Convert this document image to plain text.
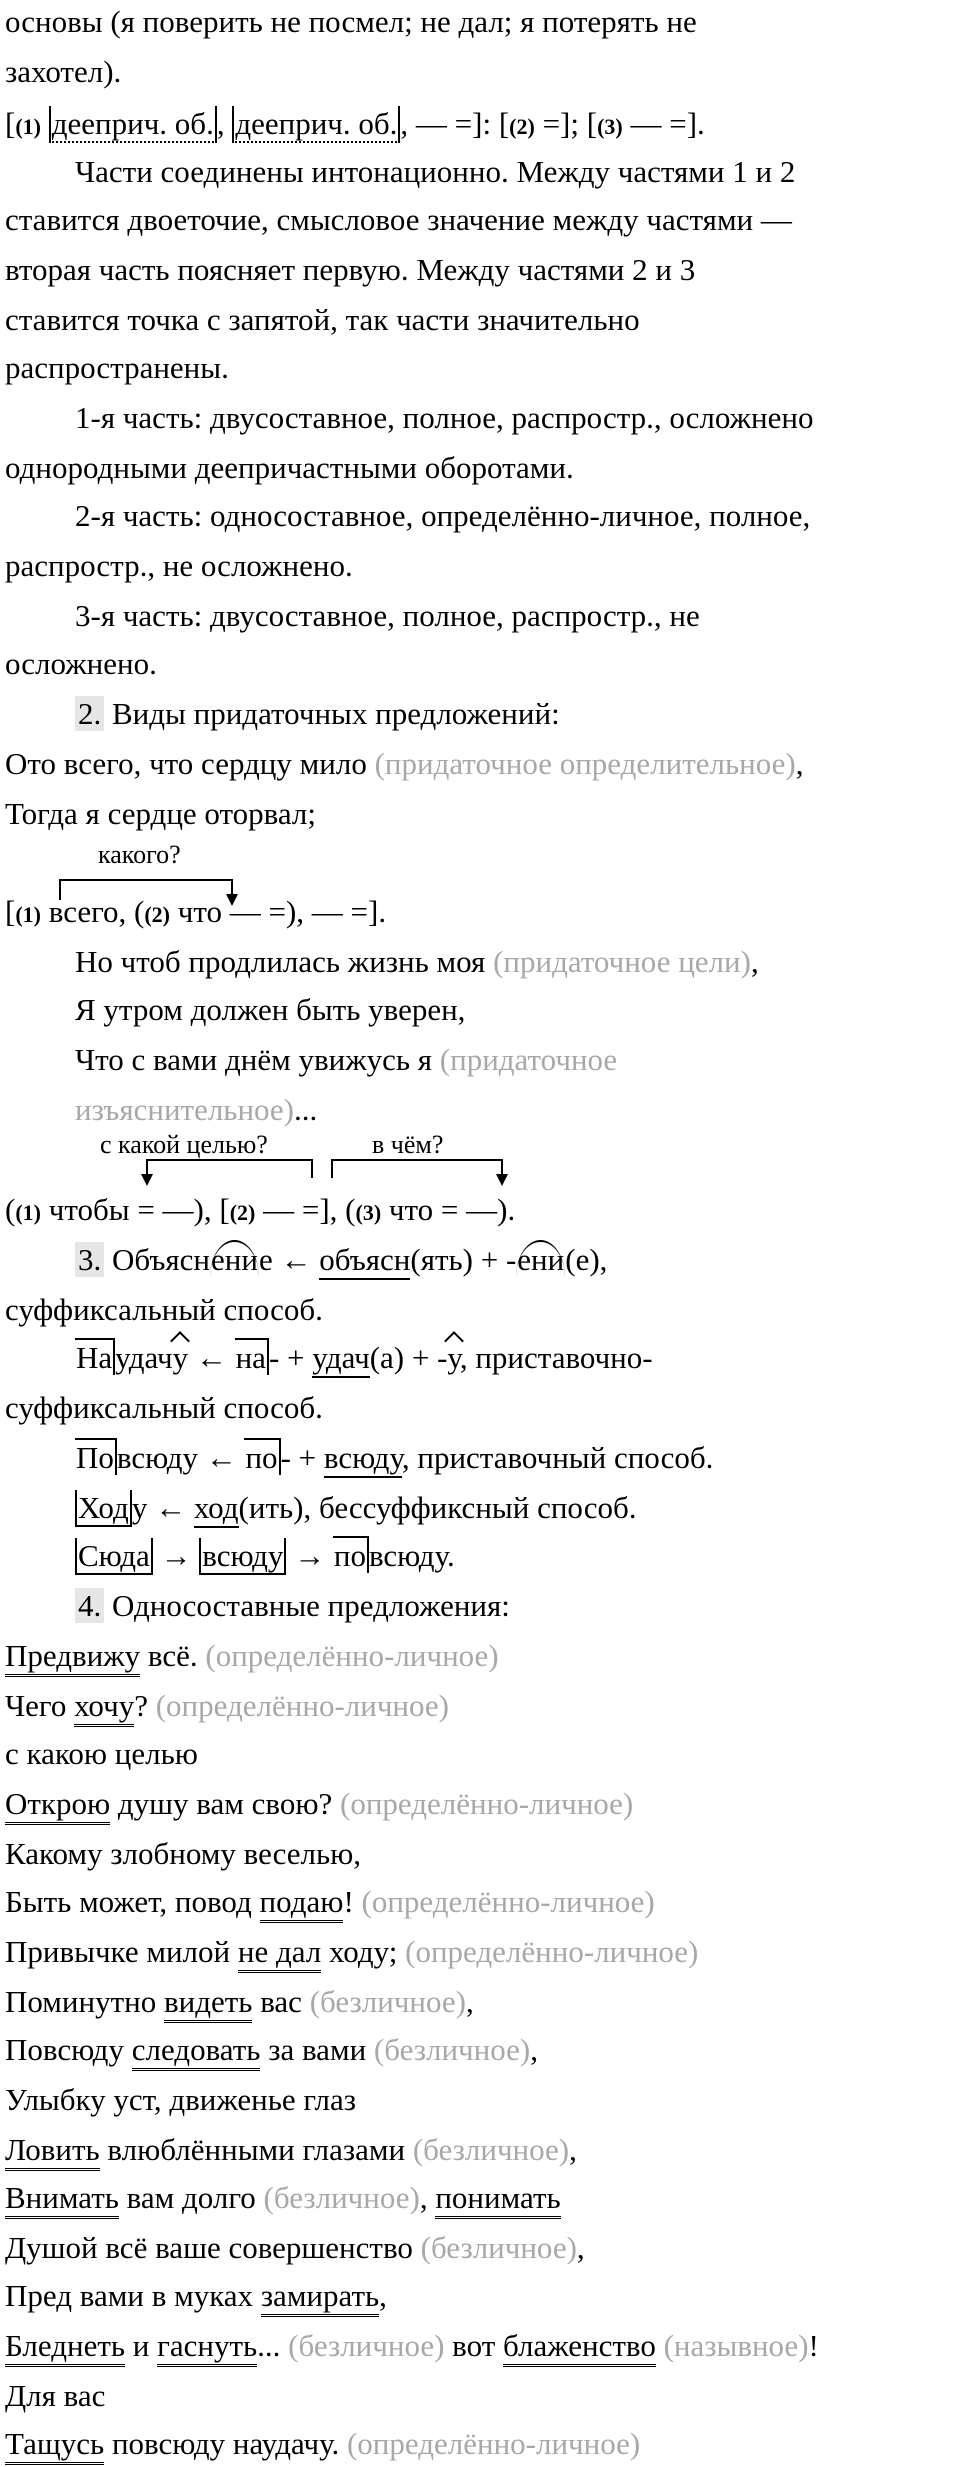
основы (я поверить не посмел; не дал; я потерять не
захотел).
[(1) деeприч. об., деeприч. об., — =]: [(2) =]; [(3) — =].
Части соединены интонационно. Между частями 1 и 2
ставится двоеточие, смысловое значение между частями —
вторая часть поясняет первую. Между частями 2 и 3
ставится точка с запятой, так части значительно
распространены.
1-я часть: двусоставное, полное, распростр., осложнено
однородными деепричастными оборотами.
2-я часть: односоставное, определённо-личное, полное,
распростр., не осложнено.
3-я часть: двусоставное, полное, распростр., не
осложнено.
2. Виды придаточных предложений:
Ото всего, что сердцу мило (придаточное определительное),
Тогда я сердце оторвал;
какого?
[(1) всего, ((2) что — =), — =].
Но чтоб продлилась жизнь моя (придаточное цели),
Я утром должен быть уверен,
Что с вами днём увижусь я (придаточное
изъяснительное)...
с какой целью?	в чём?
((1) чтобы = —), [(2) — =], ((3) что = —).
3. Объяснение ← объясн(ять) + -ени(е),
суффиксальный способ.
Наудачу ← на- + удач(а) + -у, приставочно-
суффиксальный способ.
Повсюду ← по- + всюду, приставочный способ.
Ходу ← ход(ить), бессуффиксный способ.
Сюда → всюду → повсюду.
4. Односоставные предложения:
Предвижу всё. (определённо-личное)
Чего хочу? (определённо-личное)
с какою целью
Открою душу вам свою? (определённо-личное)
Какому злобному веселью,
Быть может, повод подаю! (определённо-личное)
Привычке милой не дал ходу; (определённо-личное)
Поминутно видеть вас (безличное),
Повсюду следовать за вами (безличное),
Улыбку уст, движенье глаз
Ловить влюблёнными глазами (безличное),
Внимать вам долго (безличное), понимать
Душой всё ваше совершенство (безличное),
Пред вами в муках замирать,
Бледнеть и гаснуть... (безличное) вот блаженство (назывное)!
Для вас
Тащусь повсюду наудачу. (определённо-личное)
